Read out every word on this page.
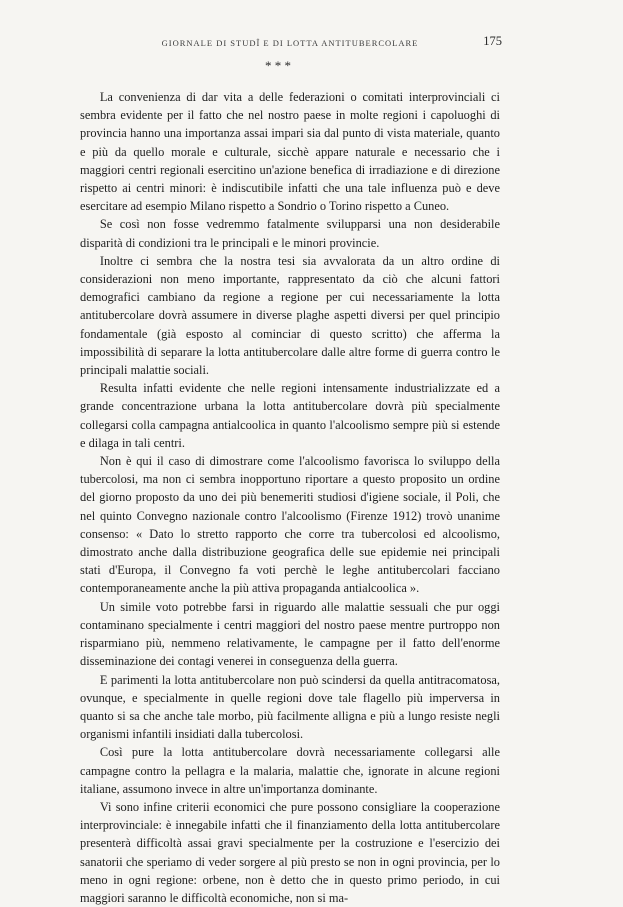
GIORNALE DI STUDÎ E DI LOTTA ANTITUBERCOLARE	175
* * *

La convenienza di dar vita a delle federazioni o comitati interprovinciali ci sembra evidente per il fatto che nel nostro paese in molte regioni i capoluoghi di provincia hanno una importanza assai impari sia dal punto di vista materiale, quanto e più da quello morale e culturale, sicchè appare naturale e necessario che i maggiori centri regionali esercitino un'azione benefica di irradiazione e di direzione rispetto ai centri minori: è indiscutibile infatti che una tale influenza può e deve esercitare ad esempio Milano rispetto a Sondrio o Torino rispetto a Cuneo.

Se così non fosse vedremmo fatalmente svilupparsi una non desiderabile disparità di condizioni tra le principali e le minori provincie.

Inoltre ci sembra che la nostra tesi sia avvalorata da un altro ordine di considerazioni non meno importante, rappresentato da ciò che alcuni fattori demografici cambiano da regione a regione per cui necessariamente la lotta antitubercolare dovrà assumere in diverse plaghe aspetti diversi per quel principio fondamentale (già esposto al cominciar di questo scritto) che afferma la impossibilità di separare la lotta antitubercolare dalle altre forme di guerra contro le principali malattie sociali.

Resulta infatti evidente che nelle regioni intensamente industrializzate ed a grande concentrazione urbana la lotta antitubercolare dovrà più specialmente collegarsi colla campagna antialcoolica in quanto l'alcoolismo sempre più si estende e dilaga in tali centri.

Non è qui il caso di dimostrare come l'alcoolismo favorisca lo sviluppo della tubercolosi, ma non ci sembra inopportuno riportare a questo proposito un ordine del giorno proposto da uno dei più benemeriti studiosi d'igiene sociale, il Poli, che nel quinto Convegno nazionale contro l'alcoolismo (Firenze 1912) trovò unanime consenso: « Dato lo stretto rapporto che corre tra tubercolosi ed alcoolismo, dimostrato anche dalla distribuzione geografica delle sue epidemie nei principali stati d'Europa, il Convegno fa voti perchè le leghe antitubercolari facciano contemporaneamente anche la più attiva propaganda antialcoolica ».

Un simile voto potrebbe farsi in riguardo alle malattie sessuali che pur oggi contaminano specialmente i centri maggiori del nostro paese mentre purtroppo non risparmiano più, nemmeno relativamente, le campagne per il fatto dell'enorme disseminazione dei contagi venerei in conseguenza della guerra.

E parimenti la lotta antitubercolare non può scindersi da quella antitracomatosa, ovunque, e specialmente in quelle regioni dove tale flagello più imperversa in quanto si sa che anche tale morbo, più facilmente alligna e più a lungo resiste negli organismi infantili insidiati dalla tubercolosi.

Così pure la lotta antitubercolare dovrà necessariamente collegarsi alle campagne contro la pellagra e la malaria, malattie che, ignorate in alcune regioni italiane, assumono invece in altre un'importanza dominante.

Vi sono infine criterii economici che pure possono consigliare la cooperazione interprovinciale: è innegabile infatti che il finanziamento della lotta antitubercolare presenterà difficoltà assai gravi specialmente per la costruzione e l'esercizio dei sanatorii che speriamo di veder sorgere al più presto se non in ogni provincia, per lo meno in ogni regione: orbene, non è detto che in questo primo periodo, in cui maggiori saranno le difficoltà economiche, non si ma-
